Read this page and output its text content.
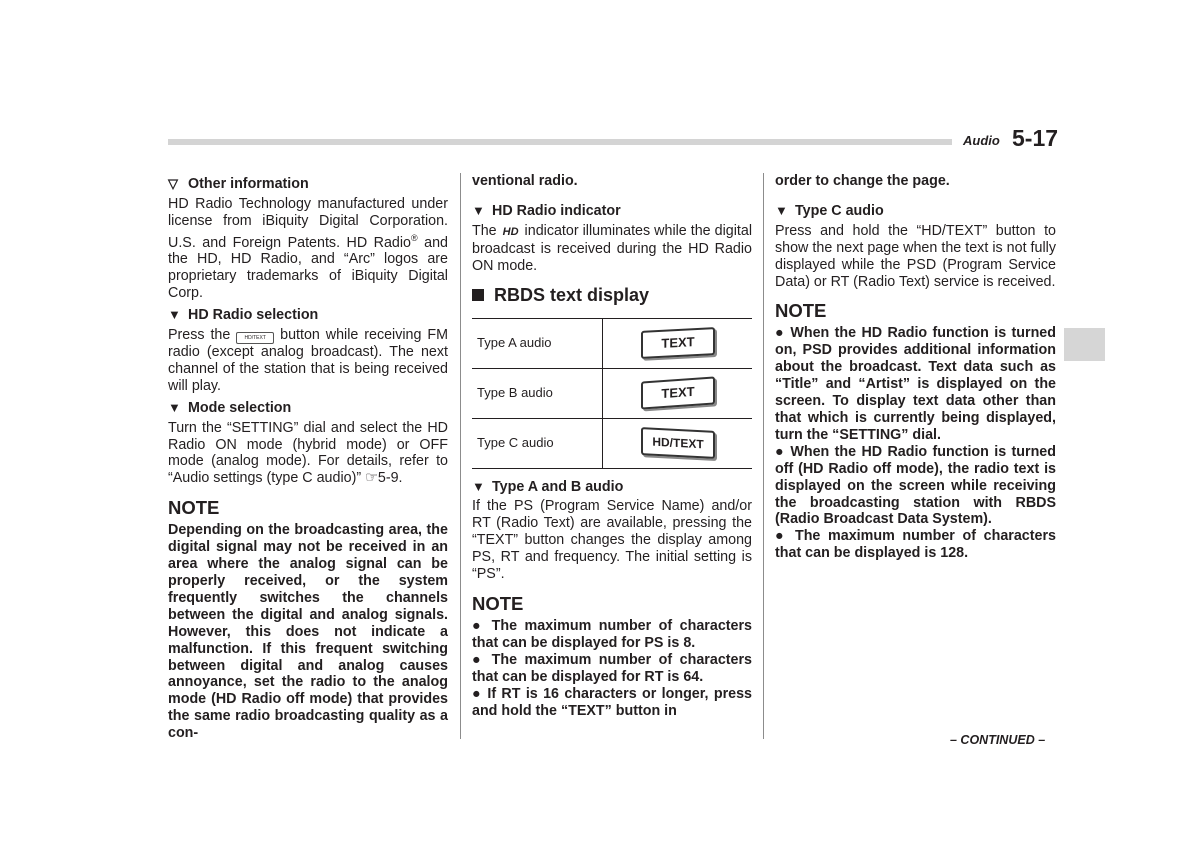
Audio 5-17
▽ Other information

HD Radio Technology manufactured under license from iBiquity Digital Corporation. U.S. and Foreign Patents. HD Radio® and the HD, HD Radio, and “Arc” logos are proprietary trademarks of iBiquity Digital Corp.

▼ HD Radio selection

Press the HD/TEXT button while receiving FM radio (except analog broadcast). The next channel of the station that is being received will play.

▼ Mode selection

Turn the “SETTING” dial and select the HD Radio ON mode (hybrid mode) or OFF mode (analog mode). For details, refer to “Audio settings (type C audio)” ☞5-9.

NOTE

Depending on the broadcasting area, the digital signal may not be received in an area where the analog signal can be properly received, or the system frequently switches the channels between the digital and analog signals. However, this does not indicate a malfunction. If this frequent switching between digital and analog causes annoyance, set the radio to the analog mode (HD Radio off mode) that provides the same radio broadcasting quality as a con-

ventional radio.

▼ HD Radio indicator

The HD indicator illuminates while the digital broadcast is received during the HD Radio ON mode.

RBDS text display
Type A audio	TEXT
Type B audio	TEXT
Type C audio	HD/TEXT
▼ Type A and B audio

If the PS (Program Service Name) and/or RT (Radio Text) are available, pressing the “TEXT” button changes the display among PS, RT and frequency. The initial setting is “PS”.

NOTE

● The maximum number of characters that can be displayed for PS is 8.

● The maximum number of characters that can be displayed for RT is 64.

● If RT is 16 characters or longer, press and hold the “TEXT” button in

order to change the page.

▼ Type C audio

Press and hold the “HD/TEXT” button to show the next page when the text is not fully displayed while the PSD (Program Service Data) or RT (Radio Text) service is received.

NOTE

● When the HD Radio function is turned on, PSD provides additional information about the broadcast. Text data such as “Title” and “Artist” is displayed on the screen. To display text data other than that which is currently being displayed, turn the “SETTING” dial.

● When the HD Radio function is turned off (HD Radio off mode), the radio text is displayed on the screen while receiving the broadcasting station with RBDS (Radio Broadcast Data System).

● The maximum number of characters that can be displayed is 128.

– CONTINUED –
